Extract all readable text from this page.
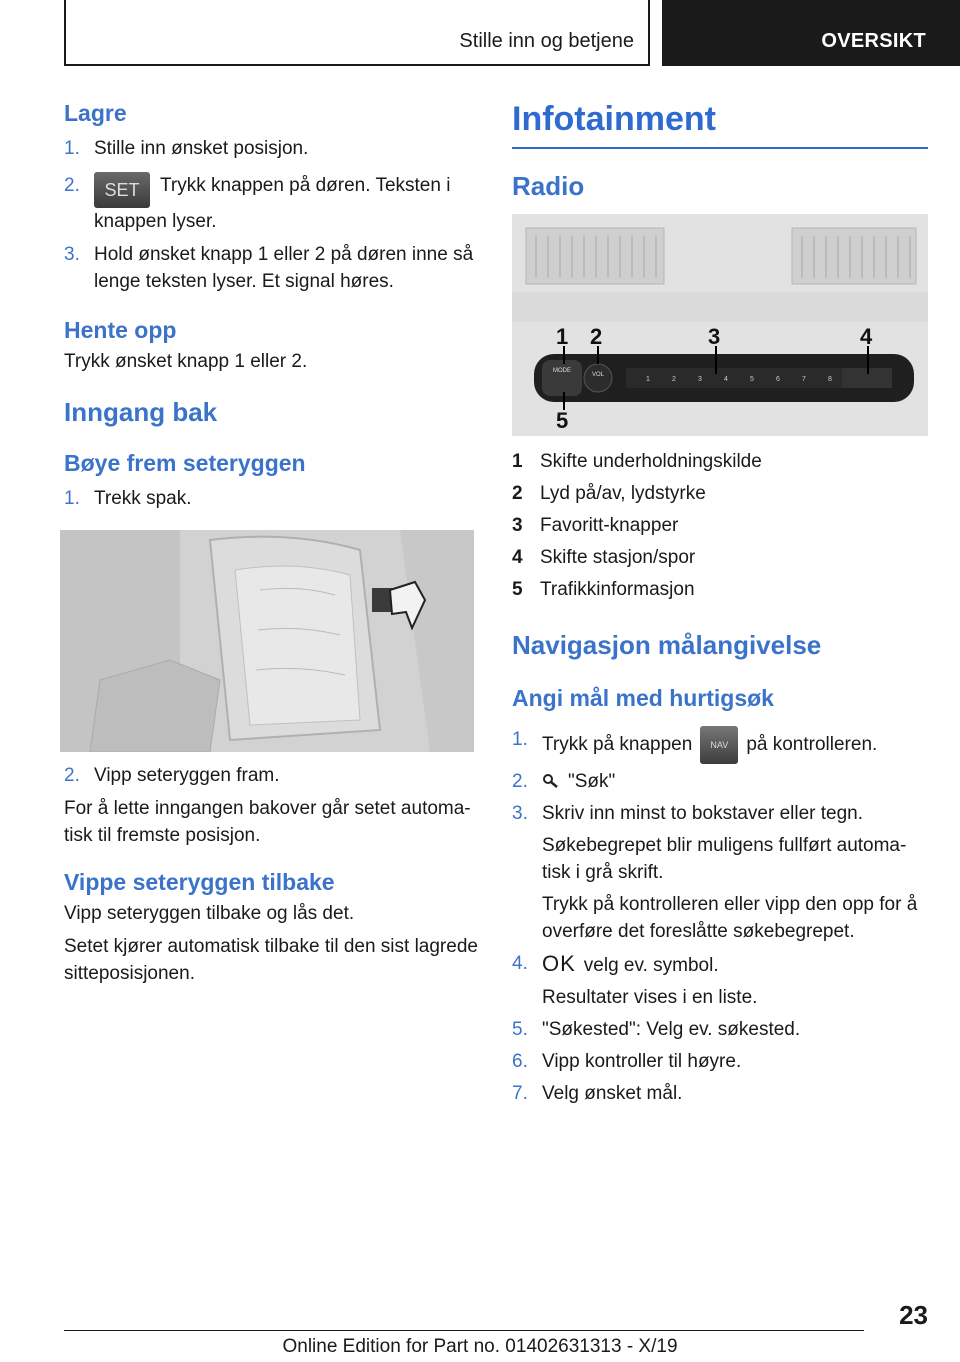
Stille inn og betjene	OVERSIKT
Lagre
1. Stille inn ønsket posisjon.
2.	SET Trykk knappen på døren. Teksten i knappen lyser.
3. Hold ønsket knapp 1 eller 2 på døren inne så lenge teksten lyser. Et signal høres.
Hente opp

Trykk ønsket knapp 1 eller 2.

Inngang bak
Bøye frem seteryggen
1. Trekk spak.
2. Vipp seteryggen fram.

For å lette inngangen bakover går setet automa-tisk til fremste posisjon.

Vippe seteryggen tilbake

Vipp seteryggen tilbake og lås det.

Setet kjører automatisk tilbake til den sist lagrede sitteposisjonen.

Infotainment
Radio
MODE
VOL
1	2	3	4	5	6	7	8
1 2	3	4
5
1 Skifte underholdningskilde
2 Lyd på/av, lydstyrke
3 Favoritt-knapper
4 Skifte stasjon/spor
5 Trafikkinformasjon
Navigasjon målangivelse
Angi mål med hurtigsøk
1. Trykk på knappen NAV på kontrolleren.
2.	"Søk"
3. Skriv inn minst to bokstaver eller tegn.

Søkebegrepet blir muligens fullført automa-tisk i grå skrift.

Trykk på kontrolleren eller vipp den opp for å overføre det foreslåtte søkebegrepet.

4. OK velg ev. symbol.

Resultater vises i en liste.

5. "Søkested": Velg ev. søkested.
6. Vipp kontroller til høyre.
7. Velg ønsket mål.
23
Online Edition for Part no. 01402631313 - X/19
